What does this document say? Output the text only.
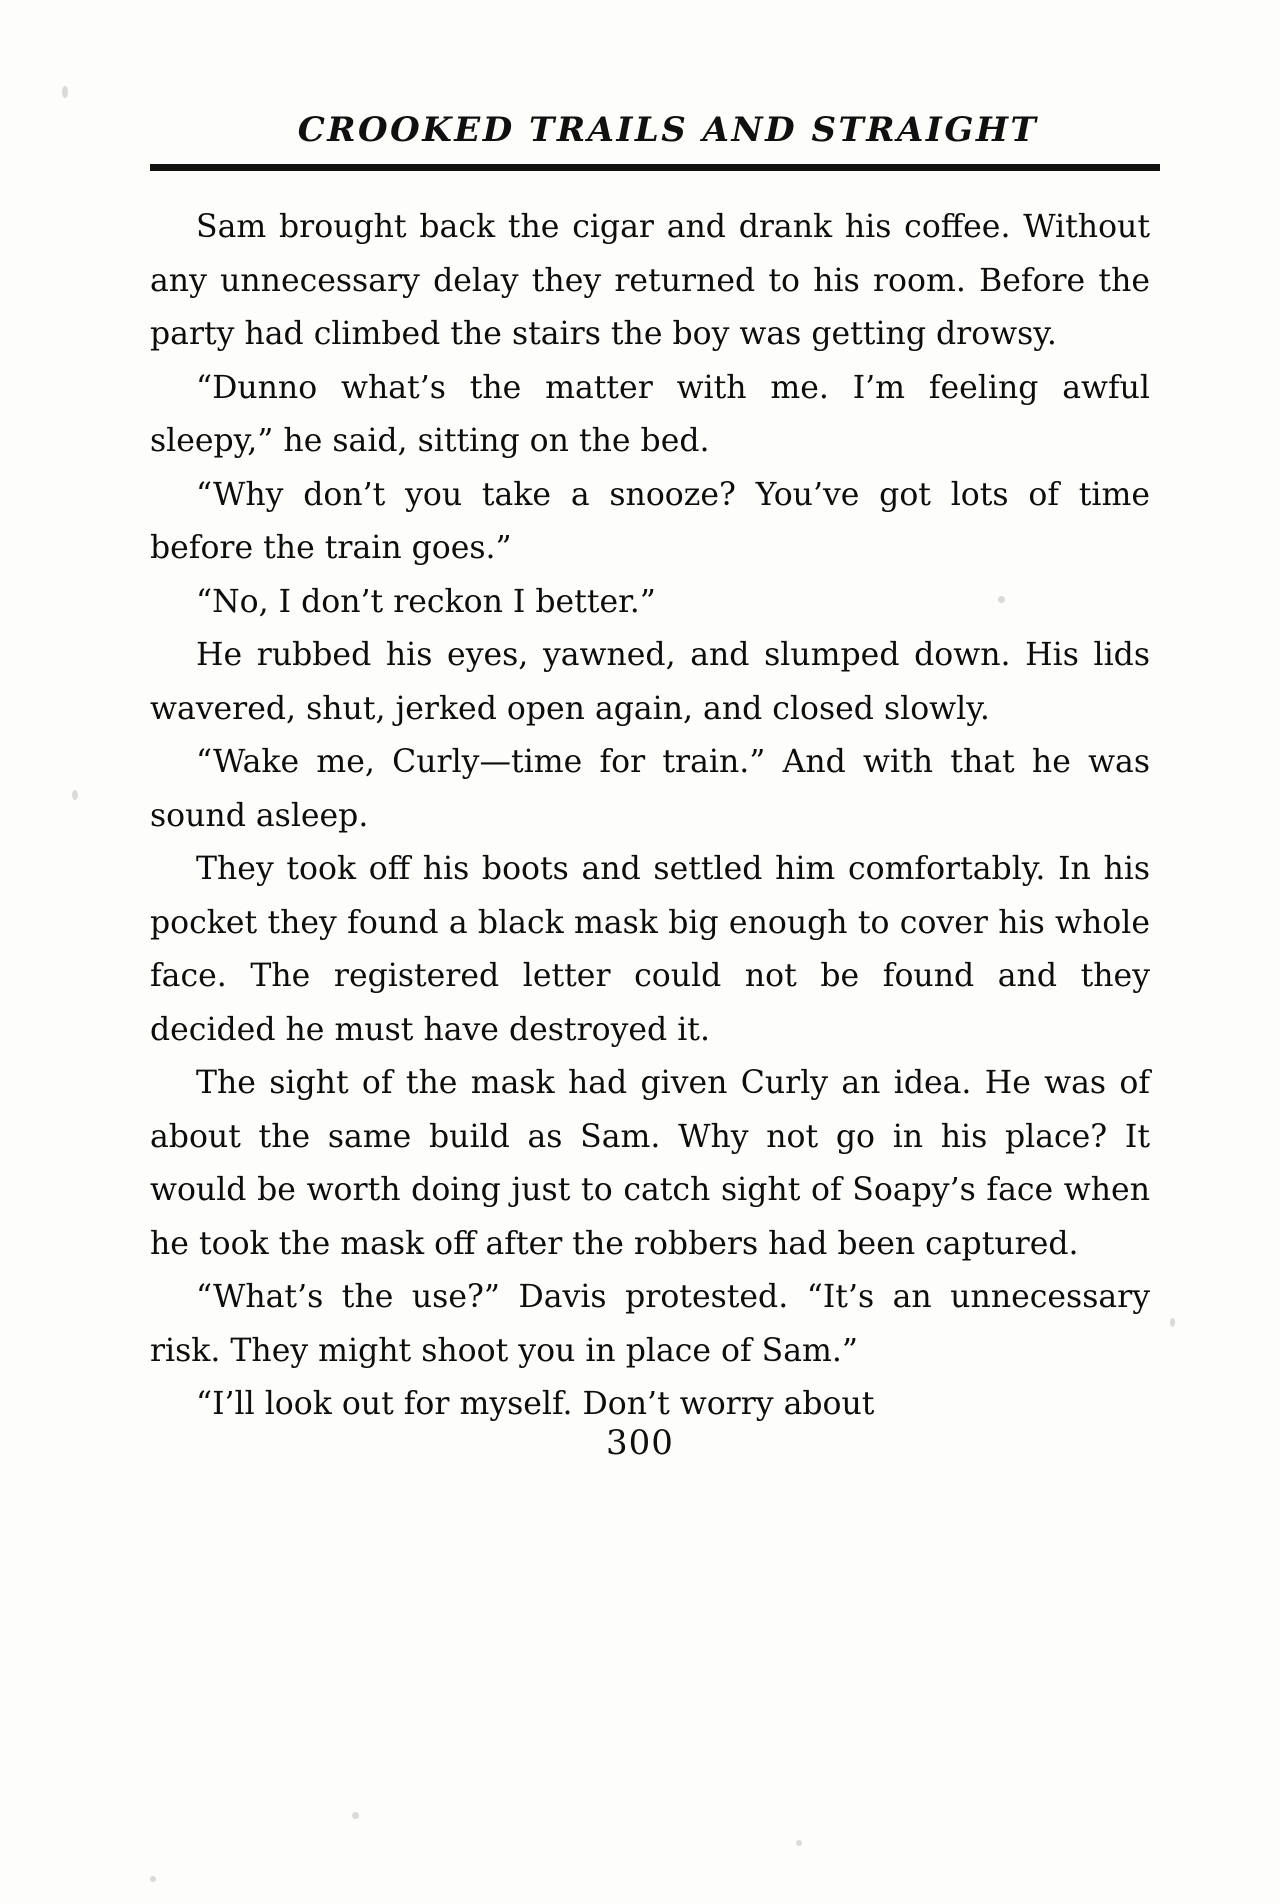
CROOKED TRAILS AND STRAIGHT

Sam brought back the cigar and drank his coffee. Without any unnecessary delay they returned to his room. Before the party had climbed the stairs the boy was getting drowsy.

“Dunno what’s the matter with me. I’m feeling awful sleepy,” he said, sitting on the bed.

“Why don’t you take a snooze? You’ve got lots of time before the train goes.”

“No, I don’t reckon I better.”

He rubbed his eyes, yawned, and slumped down. His lids wavered, shut, jerked open again, and closed slowly.

“Wake me, Curly—time for train.” And with that he was sound asleep.

They took off his boots and settled him comfortably. In his pocket they found a black mask big enough to cover his whole face. The registered letter could not be found and they decided he must have destroyed it.

The sight of the mask had given Curly an idea. He was of about the same build as Sam. Why not go in his place? It would be worth doing just to catch sight of Soapy’s face when he took the mask off after the robbers had been captured.

“What’s the use?” Davis protested. “It’s an unnecessary risk. They might shoot you in place of Sam.”

“I’ll look out for myself. Don’t worry about

300
